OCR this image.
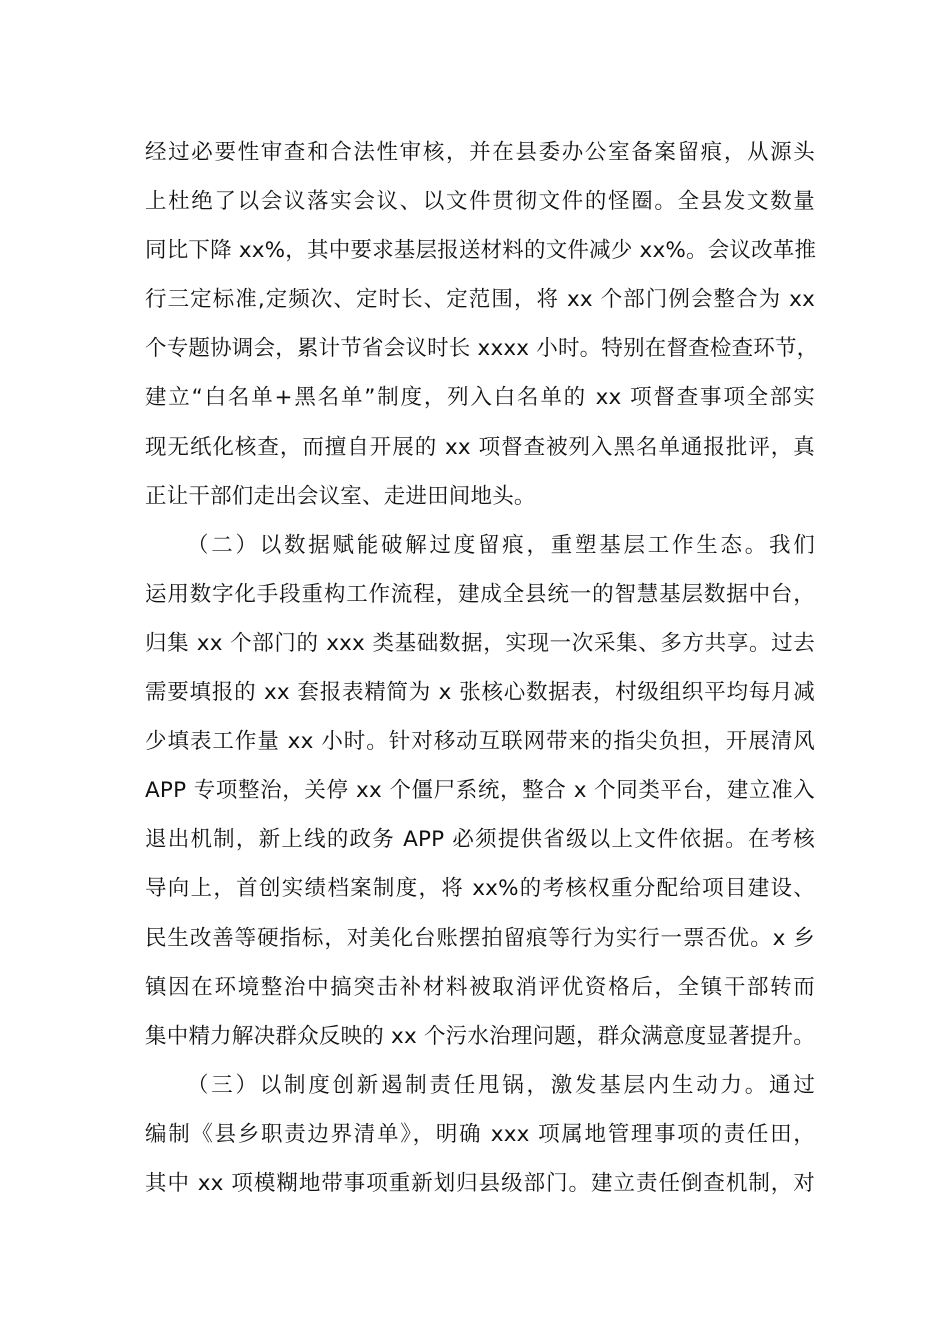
经过必要性审查和合法性审核，并在县委办公室备案留痕，从源头
上杜绝了以会议落实会议、以文件贯彻文件的怪圈。全县发文数量
同比下降 xx%，其中要求基层报送材料的文件减少 xx%。会议改革推
行三定标准,定频次、定时长、定范围，将 xx 个部门例会整合为 xx
个专题协调会，累计节省会议时长 xxxx 小时。特别在督查检查环节，
建立“白名单+黑名单”制度，列入白名单的 xx 项督查事项全部实
现无纸化核查，而擅自开展的 xx 项督查被列入黑名单通报批评，真
正让干部们走出会议室、走进田间地头。
（二）以数据赋能破解过度留痕，重塑基层工作生态。我们
运用数字化手段重构工作流程，建成全县统一的智慧基层数据中台，
归集 xx 个部门的 xxx 类基础数据，实现一次采集、多方共享。过去
需要填报的 xx 套报表精简为 x 张核心数据表，村级组织平均每月减
少填表工作量 xx 小时。针对移动互联网带来的指尖负担，开展清风
APP 专项整治，关停 xx 个僵尸系统，整合 x 个同类平台，建立准入
退出机制，新上线的政务 APP 必须提供省级以上文件依据。在考核
导向上，首创实绩档案制度，将 xx%的考核权重分配给项目建设、
民生改善等硬指标，对美化台账摆拍留痕等行为实行一票否优。x 乡
镇因在环境整治中搞突击补材料被取消评优资格后，全镇干部转而
集中精力解决群众反映的 xx 个污水治理问题，群众满意度显著提升。
（三）以制度创新遏制责任甩锅，激发基层内生动力。通过
编制《县乡职责边界清单》，明确 xxx 项属地管理事项的责任田，
其中 xx 项模糊地带事项重新划归县级部门。建立责任倒查机制，对
